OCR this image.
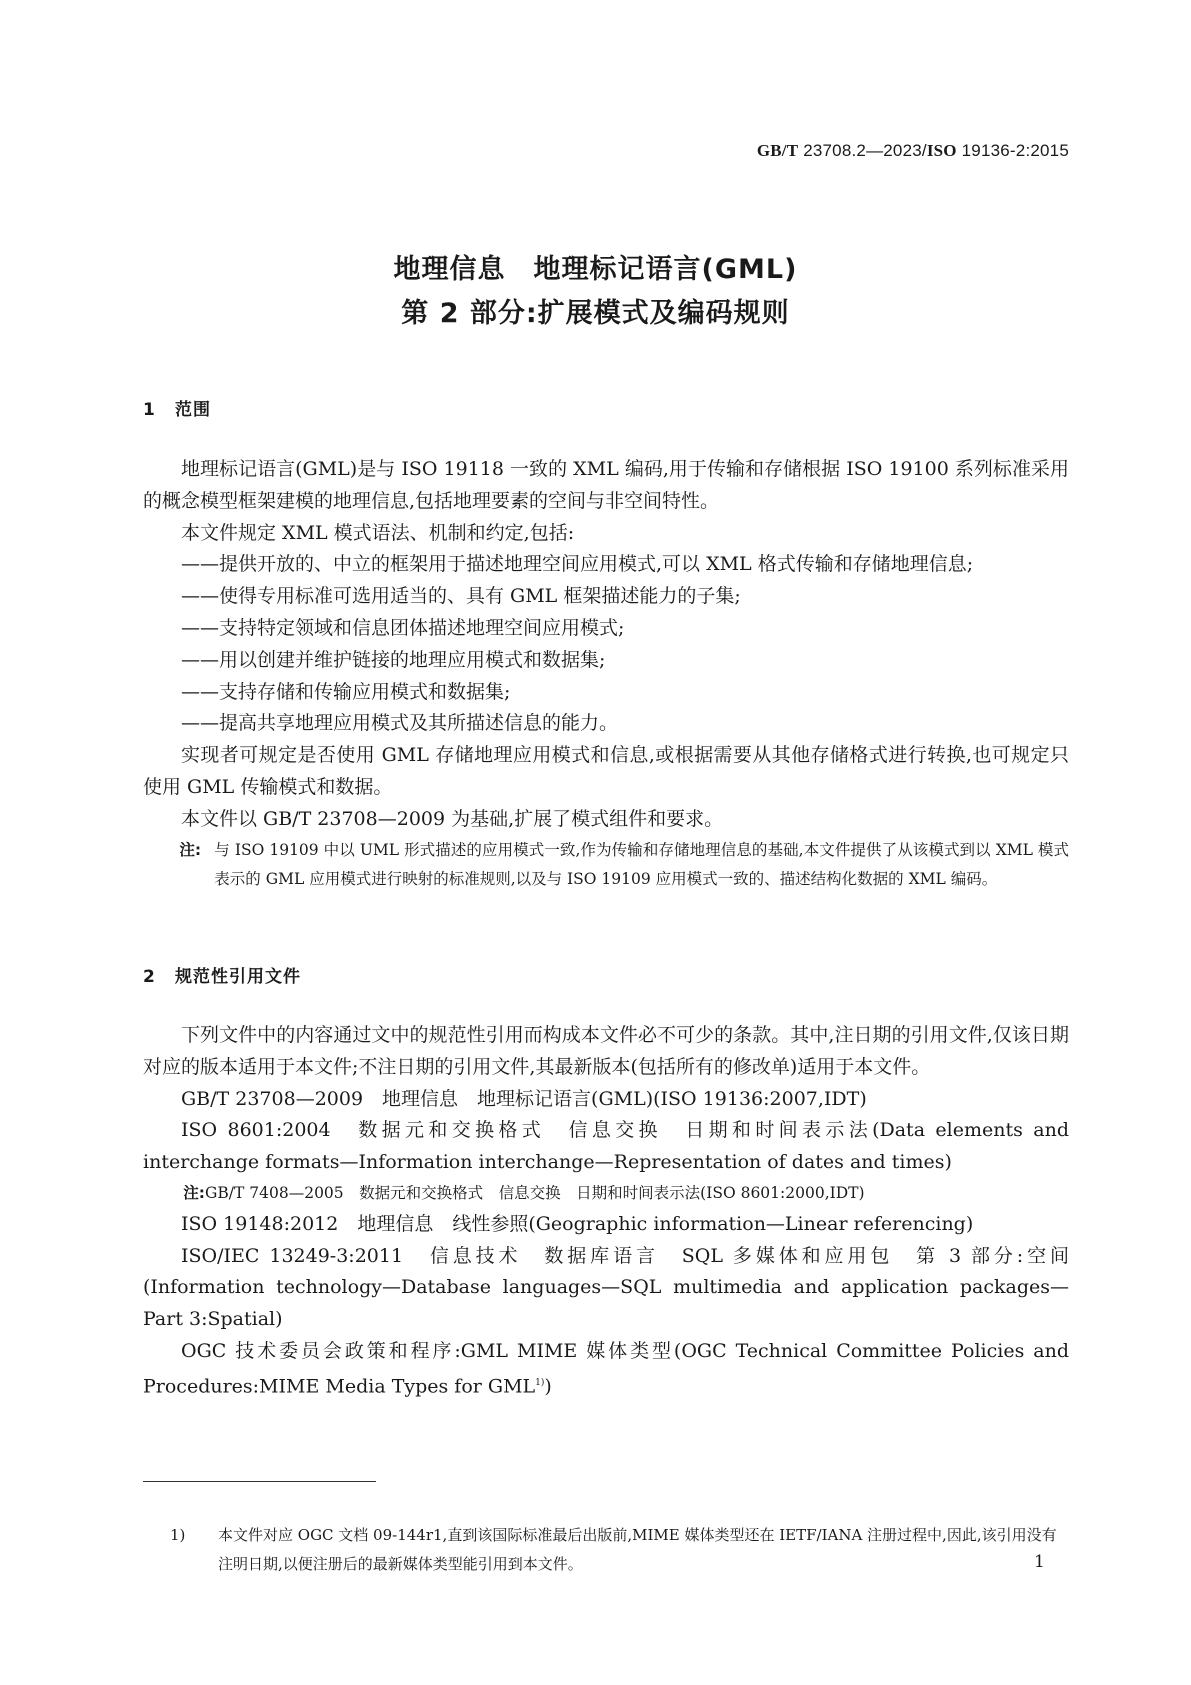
GB/T 23708.2—2023/ISO 19136-2:2015
地理信息　地理标记语言(GML)
第 2 部分:扩展模式及编码规则
1 范围

地理标记语言(GML)是与 ISO 19118 一致的 XML 编码,用于传输和存储根据 ISO 19100 系列标准采用的概念模型框架建模的地理信息,包括地理要素的空间与非空间特性。

本文件规定 XML 模式语法、机制和约定,包括:

——提供开放的、中立的框架用于描述地理空间应用模式,可以 XML 格式传输和存储地理信息;

——使得专用标准可选用适当的、具有 GML 框架描述能力的子集;

——支持特定领域和信息团体描述地理空间应用模式;

——用以创建并维护链接的地理应用模式和数据集;

——支持存储和传输应用模式和数据集;

——提高共享地理应用模式及其所描述信息的能力。

实现者可规定是否使用 GML 存储地理应用模式和信息,或根据需要从其他存储格式进行转换,也可规定只使用 GML 传输模式和数据。

本文件以 GB/T 23708—2009 为基础,扩展了模式组件和要求。

注: 与 ISO 19109 中以 UML 形式描述的应用模式一致,作为传输和存储地理信息的基础,本文件提供了从该模式到以 XML 模式表示的 GML 应用模式进行映射的标准规则,以及与 ISO 19109 应用模式一致的、描述结构化数据的 XML 编码。

2 规范性引用文件

下列文件中的内容通过文中的规范性引用而构成本文件必不可少的条款。其中,注日期的引用文件,仅该日期对应的版本适用于本文件;不注日期的引用文件,其最新版本(包括所有的修改单)适用于本文件。

GB/T 23708—2009　地理信息　地理标记语言(GML)(ISO 19136:2007,IDT)

ISO 8601:2004　数据元和交换格式　信息交换　日期和时间表示法(Data elements and interchange formats—Information interchange—Representation of dates and times)

注:GB/T 7408—2005　数据元和交换格式　信息交换　日期和时间表示法(ISO 8601:2000,IDT)

ISO 19148:2012　地理信息　线性参照(Geographic information—Linear referencing)

ISO/IEC 13249-3:2011　信息技术　数据库语言　SQL 多媒体和应用包　第 3 部分:空间(Information technology—Database languages—SQL multimedia and application packages—Part 3:Spatial)

OGC 技术委员会政策和程序:GML MIME 媒体类型(OGC Technical Committee Policies and Procedures:MIME Media Types for GML$^{1)}$)

1) 本文件对应 OGC 文档 09-144r1,直到该国际标准最后出版前,MIME 媒体类型还在 IETF/IANA 注册过程中,因此,该引用没有注明日期,以便注册后的最新媒体类型能引用到本文件。	1
